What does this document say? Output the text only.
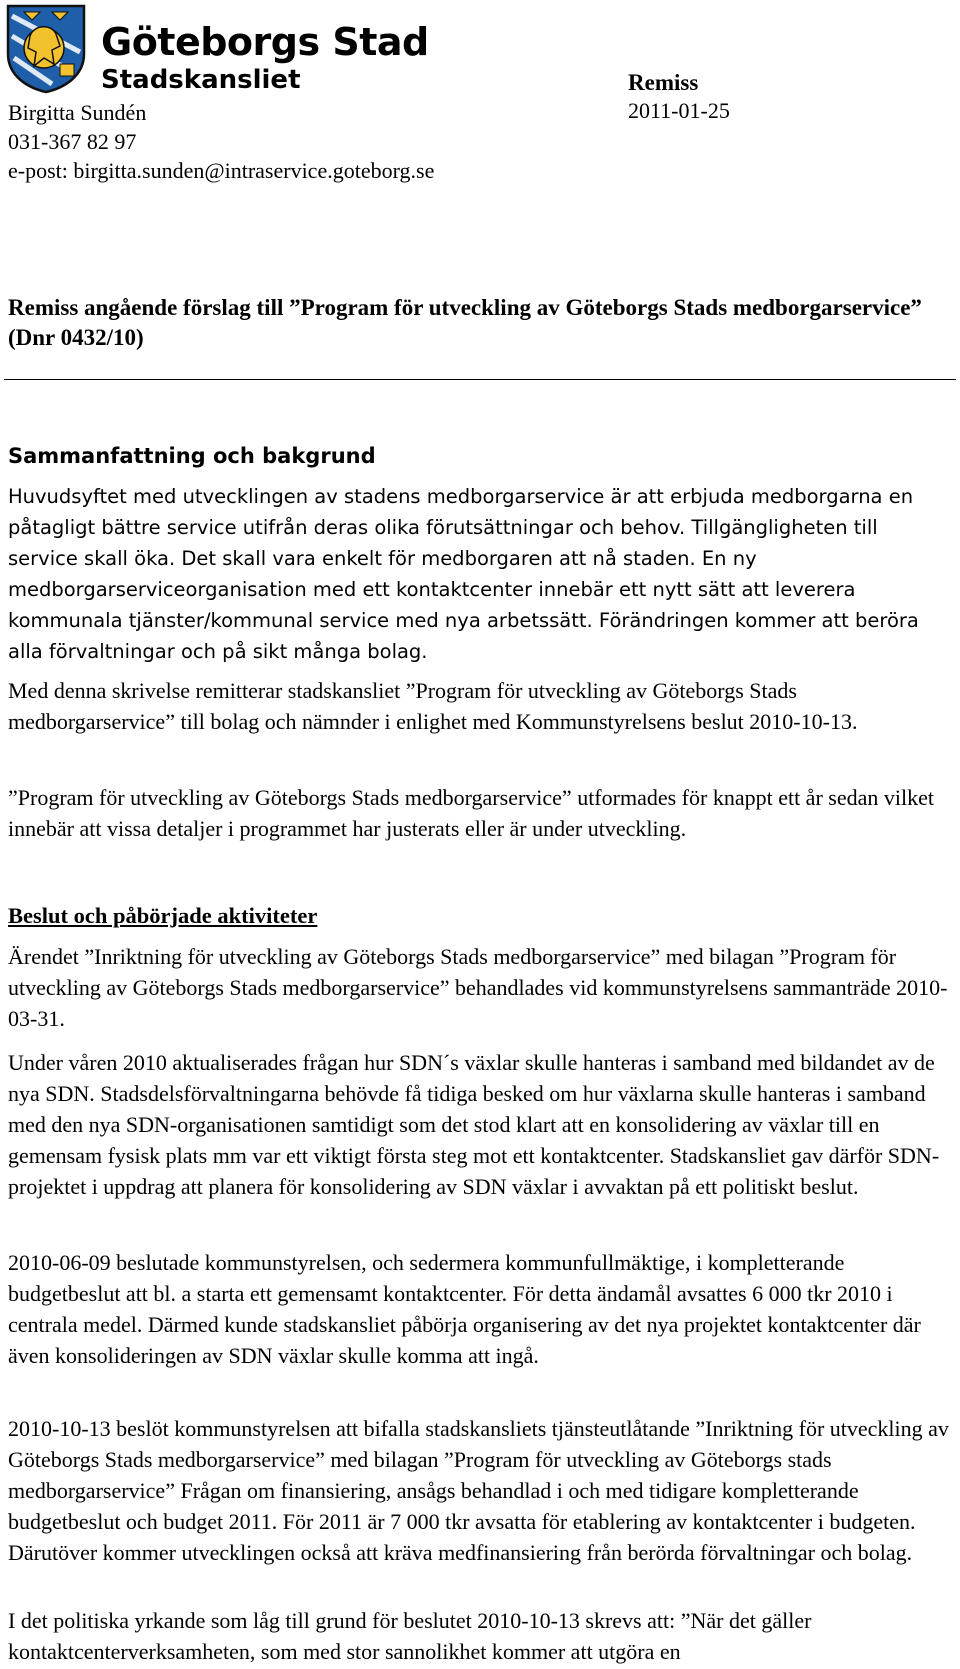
Göteborgs Stad
Stadskansliet
Birgitta Sundén
031-367 82 97
e-post: birgitta.sunden@intraservice.goteborg.se
Remiss
2011-01-25
Remiss angående förslag till ”Program för utveckling av Göteborgs Stads medborgarservice” (Dnr 0432/10)
Sammanfattning och bakgrund

Huvudsyftet med utvecklingen av stadens medborgarservice är att erbjuda medborgarna en påtagligt bättre service utifrån deras olika förutsättningar och behov. Tillgängligheten till service skall öka. Det skall vara enkelt för medborgaren att nå staden. En ny medborgarserviceorganisation med ett kontaktcenter innebär ett nytt sätt att leverera kommunala tjänster/kommunal service med nya arbetssätt. Förändringen kommer att beröra alla förvaltningar och på sikt många bolag.

Med denna skrivelse remitterar stadskansliet ”Program för utveckling av Göteborgs Stads medborgarservice” till bolag och nämnder i enlighet med Kommunstyrelsens beslut 2010-10-13.

”Program för utveckling av Göteborgs Stads medborgarservice” utformades för knappt ett år sedan vilket innebär att vissa detaljer i programmet har justerats eller är under utveckling.

Beslut och påbörjade aktiviteter

Ärendet ”Inriktning för utveckling av Göteborgs Stads medborgarservice” med bilagan ”Program för utveckling av Göteborgs Stads medborgarservice” behandlades vid kommunstyrelsens sammanträde 2010-03-31.

Under våren 2010 aktualiserades frågan hur SDN´s växlar skulle hanteras i samband med bildandet av de nya SDN. Stadsdelsförvaltningarna behövde få tidiga besked om hur växlarna skulle hanteras i samband med den nya SDN-organisationen samtidigt som det stod klart att en konsolidering av växlar till en gemensam fysisk plats mm var ett viktigt första steg mot ett kontaktcenter. Stadskansliet gav därför SDN-projektet i uppdrag att planera för konsolidering av SDN växlar i avvaktan på ett politiskt beslut.

2010-06-09 beslutade kommunstyrelsen, och sedermera kommunfullmäktige, i kompletterande budgetbeslut att bl. a starta ett gemensamt kontaktcenter. För detta ändamål avsattes 6 000 tkr 2010 i centrala medel. Därmed kunde stadskansliet påbörja organisering av det nya projektet kontaktcenter där även konsolideringen av SDN växlar skulle komma att ingå.

2010-10-13 beslöt kommunstyrelsen att bifalla stadskansliets tjänsteutlåtande ”Inriktning för utveckling av Göteborgs Stads medborgarservice” med bilagan ”Program för utveckling av Göteborgs stads medborgarservice” Frågan om finansiering, ansågs behandlad i och med tidigare kompletterande budgetbeslut och budget 2011. För 2011 är 7 000 tkr avsatta för etablering av kontaktcenter i budgeten. Därutöver kommer utvecklingen också att kräva medfinansiering från berörda förvaltningar och bolag.

I det politiska yrkande som låg till grund för beslutet 2010-10-13 skrevs att: ”När det gäller kontaktcenterverksamheten, som med stor sannolikhet kommer att utgöra en
